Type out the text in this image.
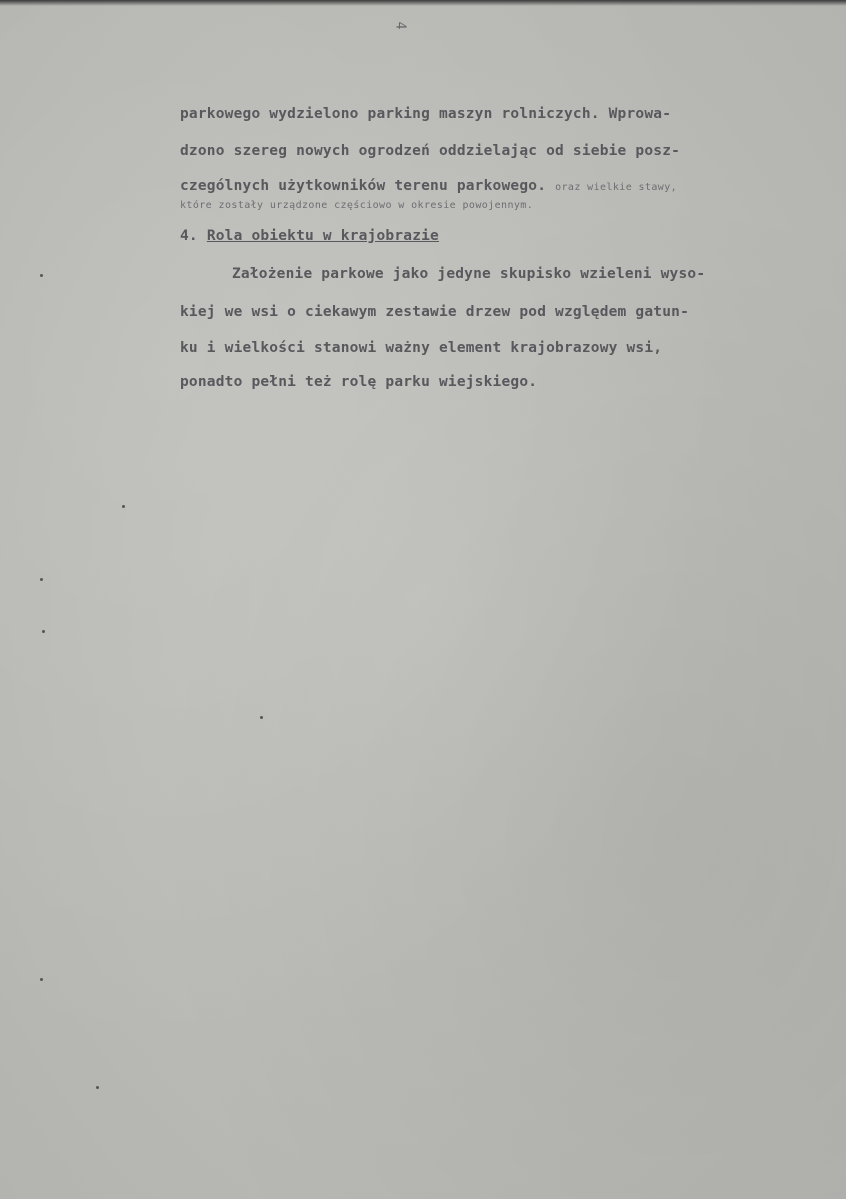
4
parkowego wydzielono parking maszyn rolniczych. Wprowa-
dzono szereg nowych ogrodzeń oddzielając od siebie posz-
czególnych użytkowników terenu parkowego. oraz wielkie stawy,
które zostały urządzone częściowo w okresie powojennym.
4. Rola obiektu w krajobrazie
Założenie parkowe jako jedyne skupisko wzieleni wyso-
kiej we wsi o ciekawym zestawie drzew pod względem gatun-
ku i wielkości stanowi ważny element krajobrazowy wsi,
ponadto pełni też rolę parku wiejskiego.
